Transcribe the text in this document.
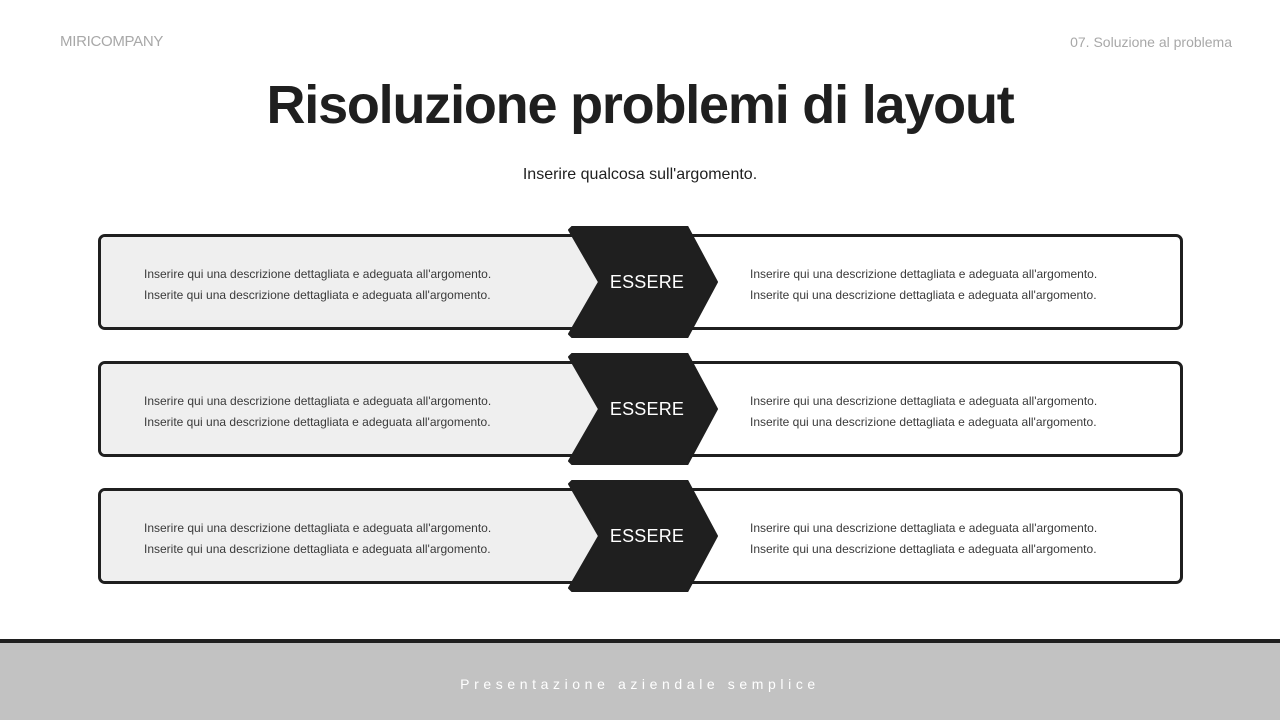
MIRICOMPANY	07. Soluzione al problema
Risoluzione problemi di layout
Inserire qualcosa sull'argomento.
Inserire qui una descrizione dettagliata e adeguata all'argomento.
Inserite qui una descrizione dettagliata e adeguata all'argomento.
Inserire qui una descrizione dettagliata e adeguata all'argomento.
Inserite qui una descrizione dettagliata e adeguata all'argomento.
ESSERE
Inserire qui una descrizione dettagliata e adeguata all'argomento.
Inserite qui una descrizione dettagliata e adeguata all'argomento.
Inserire qui una descrizione dettagliata e adeguata all'argomento.
Inserite qui una descrizione dettagliata e adeguata all'argomento.
ESSERE
Inserire qui una descrizione dettagliata e adeguata all'argomento.
Inserite qui una descrizione dettagliata e adeguata all'argomento.
Inserire qui una descrizione dettagliata e adeguata all'argomento.
Inserite qui una descrizione dettagliata e adeguata all'argomento.
ESSERE
Presentazione aziendale semplice
